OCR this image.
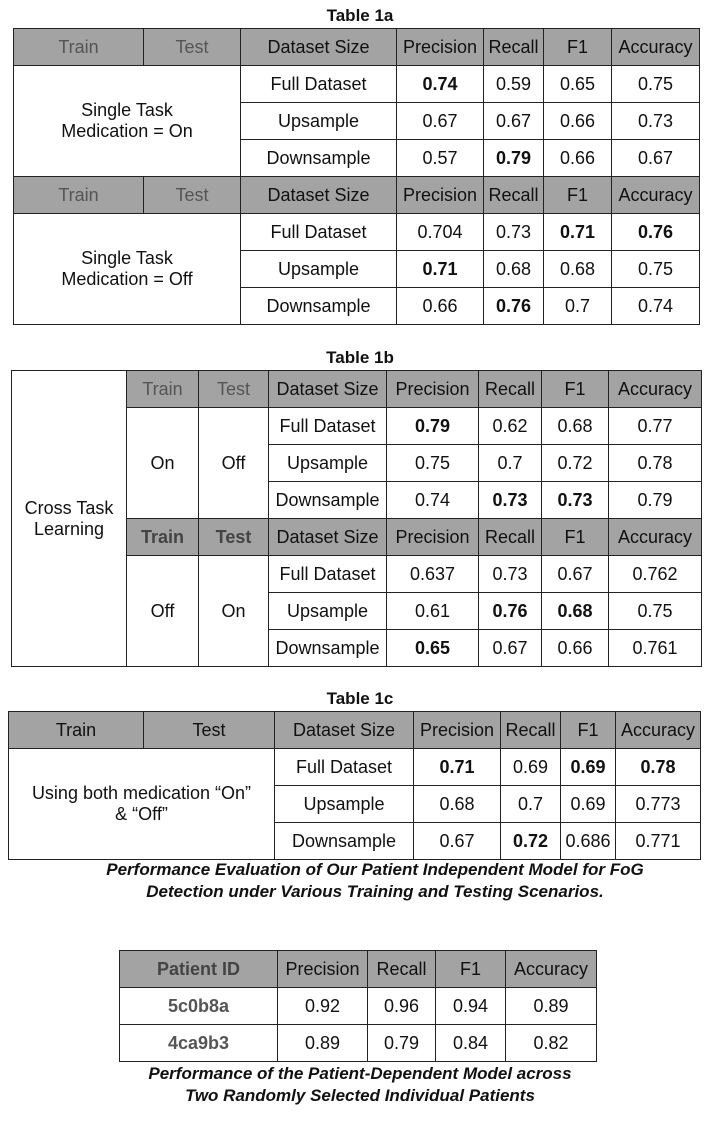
Table 1a
Train	Test	Dataset Size	Precision	Recall	F1	Accuracy
Single Task
Medication = On		Full Dataset	0.74	0.59	0.65	0.75
		Upsample	0.67	0.67	0.66	0.73
		Downsample	0.57	0.79	0.66	0.67
Train	Test	Dataset Size	Precision	Recall	F1	Accuracy
Single Task
Medication = Off		Full Dataset	0.704	0.73	0.71	0.76
		Upsample	0.71	0.68	0.68	0.75
		Downsample	0.66	0.76	0.7	0.74
Table 1b
Cross Task
Learning	Train	Test	Dataset Size	Precision	Recall	F1	Accuracy
	On	Off	Full Dataset	0.79	0.62	0.68	0.77
			Upsample	0.75	0.7	0.72	0.78
			Downsample	0.74	0.73	0.73	0.79
	Train	Test	Dataset Size	Precision	Recall	F1	Accuracy
	Off	On	Full Dataset	0.637	0.73	0.67	0.762
			Upsample	0.61	0.76	0.68	0.75
			Downsample	0.65	0.67	0.66	0.761
Table 1c
Train	Test	Dataset Size	Precision	Recall	F1	Accuracy
Using both medication “On”
& “Off”		Full Dataset	0.71	0.69	0.69	0.78
		Upsample	0.68	0.7	0.69	0.773
		Downsample	0.67	0.72	0.686	0.771
Performance Evaluation of Our Patient Independent Model for FoG
Detection under Various Training and Testing Scenarios.
Patient ID	Precision	Recall	F1	Accuracy
5c0b8a	0.92	0.96	0.94	0.89
4ca9b3	0.89	0.79	0.84	0.82
Performance of the Patient-Dependent Model across
Two Randomly Selected Individual Patients
